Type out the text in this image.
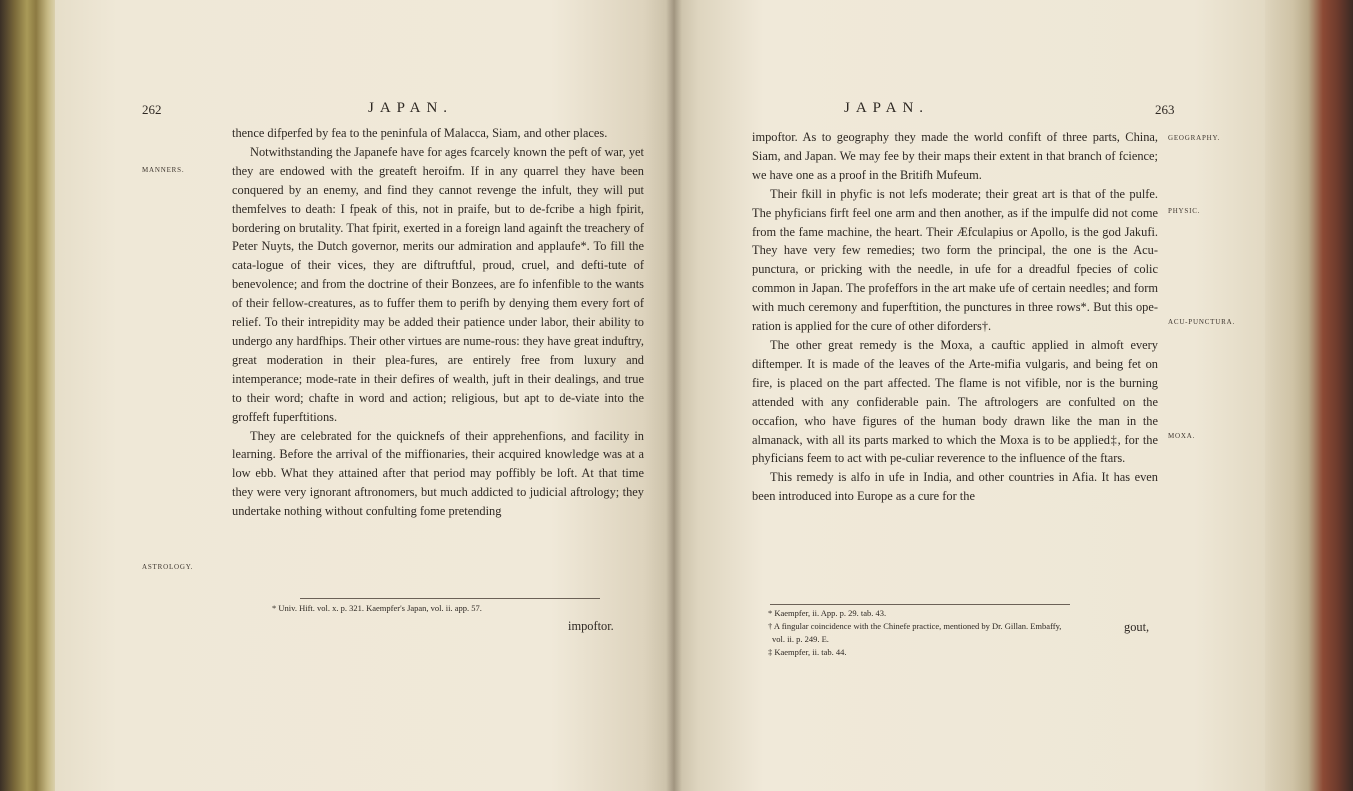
262	JAPAN.
MANNERS.
ASTROLOGY.

thence difperfed by fea to the peninfula of Malacca, Siam, and other places.

Notwithstanding the Japanefe have for ages fcarcely known the peft of war, yet they are endowed with the greateft heroifm. If in any quarrel they have been conquered by an enemy, and find they cannot revenge the infult, they will put themfelves to death: I fpeak of this, not in praife, but to de-fcribe a high fpirit, bordering on brutality. That fpirit, exerted in a foreign land againft the treachery of Peter Nuyts, the Dutch governor, merits our admiration and applaufe*. To fill the cata-logue of their vices, they are diftruftful, proud, cruel, and defti-tute of benevolence; and from the doctrine of their Bonzees, are fo infenfible to the wants of their fellow-creatures, as to fuffer them to perifh by denying them every fort of relief. To their intrepidity may be added their patience under labor, their ability to undergo any hardfhips. Their other virtues are nume-rous: they have great induftry, great moderation in their plea-fures, are entirely free from luxury and intemperance; mode-rate in their defires of wealth, juft in their dealings, and true to their word; chafte in word and action; religious, but apt to de-viate into the groffeft fuperftitions.

They are celebrated for the quicknefs of their apprehenfions, and facility in learning. Before the arrival of the miffionaries, their acquired knowledge was at a low ebb. What they attained after that period may poffibly be loft. At that time they were very ignorant aftronomers, but much addicted to judicial aftrology; they undertake nothing without confulting fome pretending

* Univ. Hift. vol. x. p. 321. Kaempfer's Japan, vol. ii. app. 57.
impoftor.
JAPAN.	263
GEOGRAPHY.
PHYSIC.
ACU-PUNCTURA.
MOXA.

impoftor. As to geography they made the world confift of three parts, China, Siam, and Japan. We may fee by their maps their extent in that branch of fcience; we have one as a proof in the Britifh Mufeum.

Their fkill in phyfic is not lefs moderate; their great art is that of the pulfe. The phyficians firft feel one arm and then another, as if the impulfe did not come from the fame machine, the heart. Their Æfculapius or Apollo, is the god Jakufi. They have very few remedies; two form the principal, the one is the Acu-punctura, or pricking with the needle, in ufe for a dreadful fpecies of colic common in Japan. The profeffors in the art make ufe of certain needles; and form with much ceremony and fuperftition, the punctures in three rows*. But this ope-ration is applied for the cure of other diforders†.

The other great remedy is the Moxa, a cauftic applied in almoft every diftemper. It is made of the leaves of the Arte-mifia vulgaris, and being fet on fire, is placed on the part affected. The flame is not vifible, nor is the burning attended with any confiderable pain. The aftrologers are confulted on the occafion, who have figures of the human body drawn like the man in the almanack, with all its parts marked to which the Moxa is to be applied‡, for the phyficians feem to act with pe-culiar reverence to the influence of the ftars.

This remedy is alfo in ufe in India, and other countries in Afia. It has even been introduced into Europe as a cure for the

* Kaempfer, ii. App. p. 29. tab. 43.
† A fingular coincidence with the Chinefe practice, mentioned by Dr. Gillan. Embaffy,
vol. ii. p. 249. E.
‡ Kaempfer, ii. tab. 44.
gout,
